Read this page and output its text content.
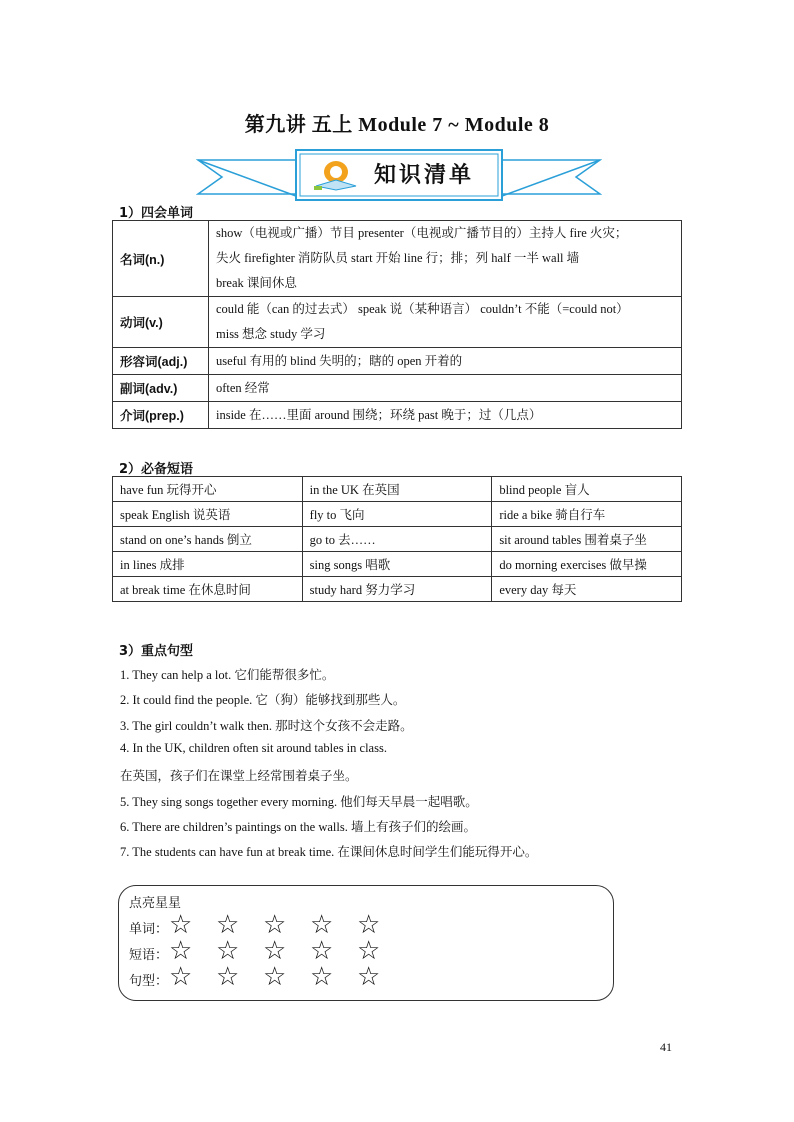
第九讲 五上 Module 7 ~ Module 8
知识清单
1）四会单词
名词(n.)	show（电视或广播）节目 presenter（电视或广播节目的）主持人 fire 火灾；
失火 firefighter 消防队员 start 开始 line 行；排；列 half 一半 wall 墙
break 课间休息

动词(v.)	could 能（can 的过去式） speak 说（某种语言） couldn’t 不能（=could not）
miss 想念 study 学习

形容词(adj.)	useful 有用的 blind 失明的；瞎的 open 开着的

副词(adv.)	often 经常

介词(prep.)	inside 在……里面 around 围绕；环绕 past 晚于；过（几点）
2）必备短语
have fun 玩得开心	in the UK 在英国	blind people 盲人
speak English 说英语	fly to 飞向	ride a bike 骑自行车
stand on one’s hands 倒立	go to 去……	sit around tables 围着桌子坐
in lines 成排	sing songs 唱歌	do morning exercises 做早操
at break time 在休息时间	study hard 努力学习	every day 每天
3）重点句型
1. They can help a lot. 它们能帮很多忙。
2. It could find the people. 它（狗）能够找到那些人。
3. The girl couldn’t walk then. 那时这个女孩不会走路。
4. In the UK, children often sit around tables in class.
在英国，孩子们在课堂上经常围着桌子坐。
5. They sing songs together every morning. 他们每天早晨一起唱歌。
6. There are children’s paintings on the walls. 墙上有孩子们的绘画。
7. The students can have fun at break time. 在课间休息时间学生们能玩得开心。
点亮星星
单词： ☆ ☆ ☆ ☆ ☆
短语： ☆ ☆ ☆ ☆ ☆
句型： ☆ ☆ ☆ ☆ ☆
41
